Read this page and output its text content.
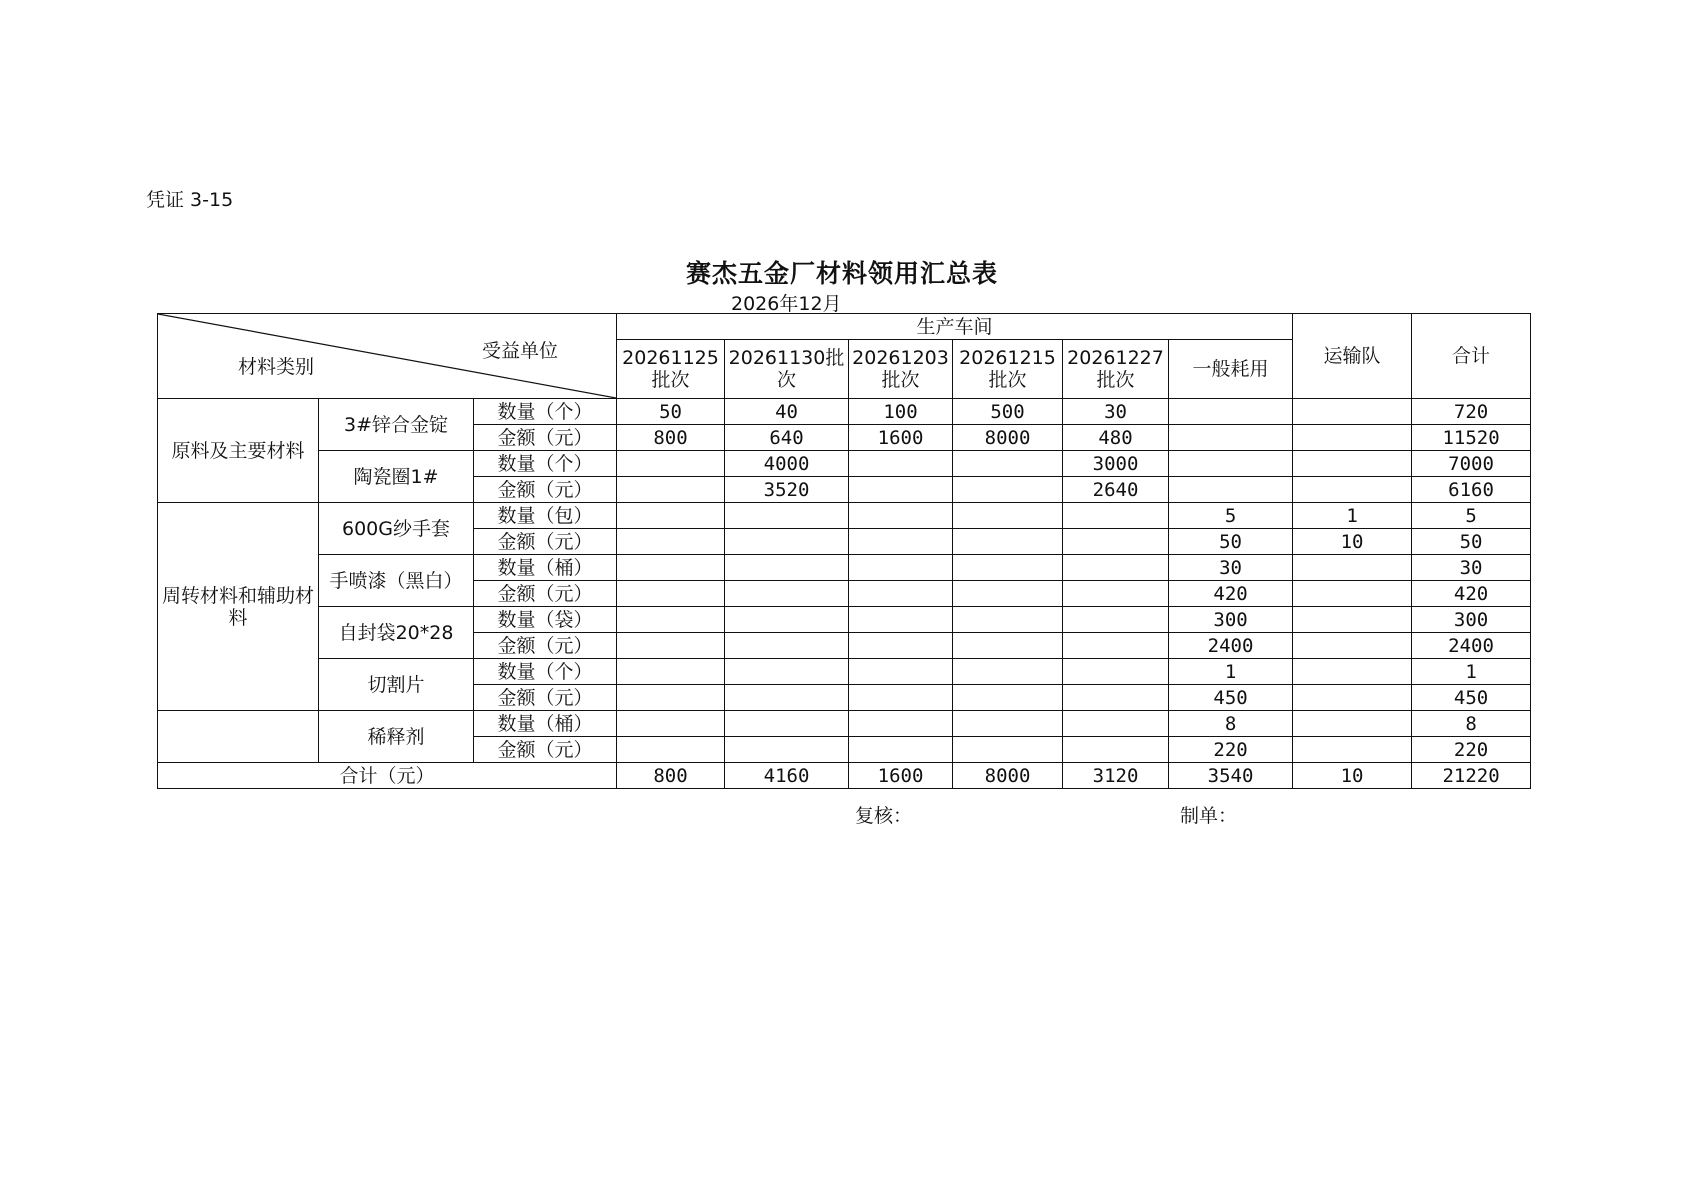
凭证 3-15
赛杰五金厂材料领用汇总表
2026年12月
受益单位
材料类别			生产车间						运输队	合计
			20261125批次	20261130批次	20261203批次	20261215批次	20261227批次	一般耗用		
原料及主要材料	3#锌合金锭	数量（个）	50	40	100	500	30			720
		金额（元）	800	640	1600	8000	480			11520
	陶瓷圈1#	数量（个）		4000			3000			7000
		金额（元）		3520			2640			6160
周转材料和辅助材料	600G纱手套	数量（包）						5	1	5
		金额（元）						50	10	50
	手喷漆（黑白）	数量（桶）						30		30
		金额（元）						420		420
	自封袋20*28	数量（袋）						300		300
		金额（元）						2400		2400
	切割片	数量（个）						1		1
		金额（元）						450		450
	稀释剂	数量（桶）						8		8
		金额（元）						220		220
合计（元）			800	4160	1600	8000	3120	3540	10	21220
复核：	制单：
